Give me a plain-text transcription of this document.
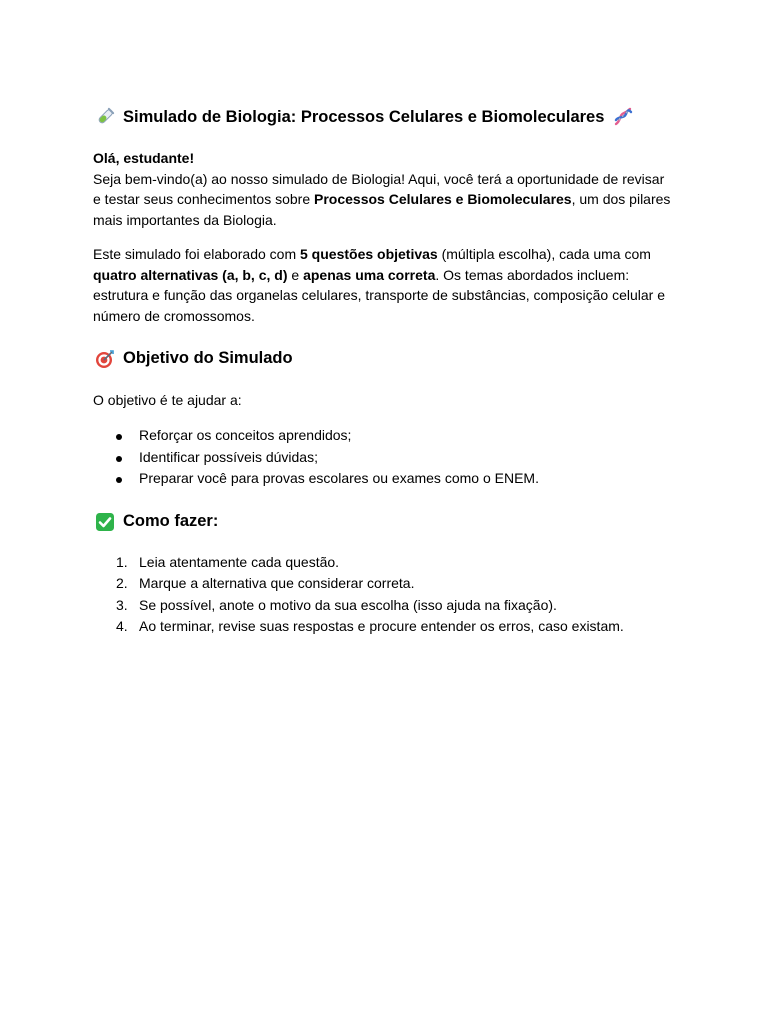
Simulado de Biologia: Processos Celulares e Biomoleculares

Olá, estudante!

Seja bem-vindo(a) ao nosso simulado de Biologia! Aqui, você terá a oportunidade de revisar e testar seus conhecimentos sobre Processos Celulares e Biomoleculares, um dos pilares mais importantes da Biologia.

Este simulado foi elaborado com 5 questões objetivas (múltipla escolha), cada uma com quatro alternativas (a, b, c, d) e apenas uma correta. Os temas abordados incluem: estrutura e função das organelas celulares, transporte de substâncias, composição celular e número de cromossomos.

Objetivo do Simulado

O objetivo é te ajudar a:

Reforçar os conceitos aprendidos;
Identificar possíveis dúvidas;
Preparar você para provas escolares ou exames como o ENEM.
Como fazer:
1. Leia atentamente cada questão.
2. Marque a alternativa que considerar correta.
3. Se possível, anote o motivo da sua escolha (isso ajuda na fixação).
4. Ao terminar, revise suas respostas e procure entender os erros, caso existam.
